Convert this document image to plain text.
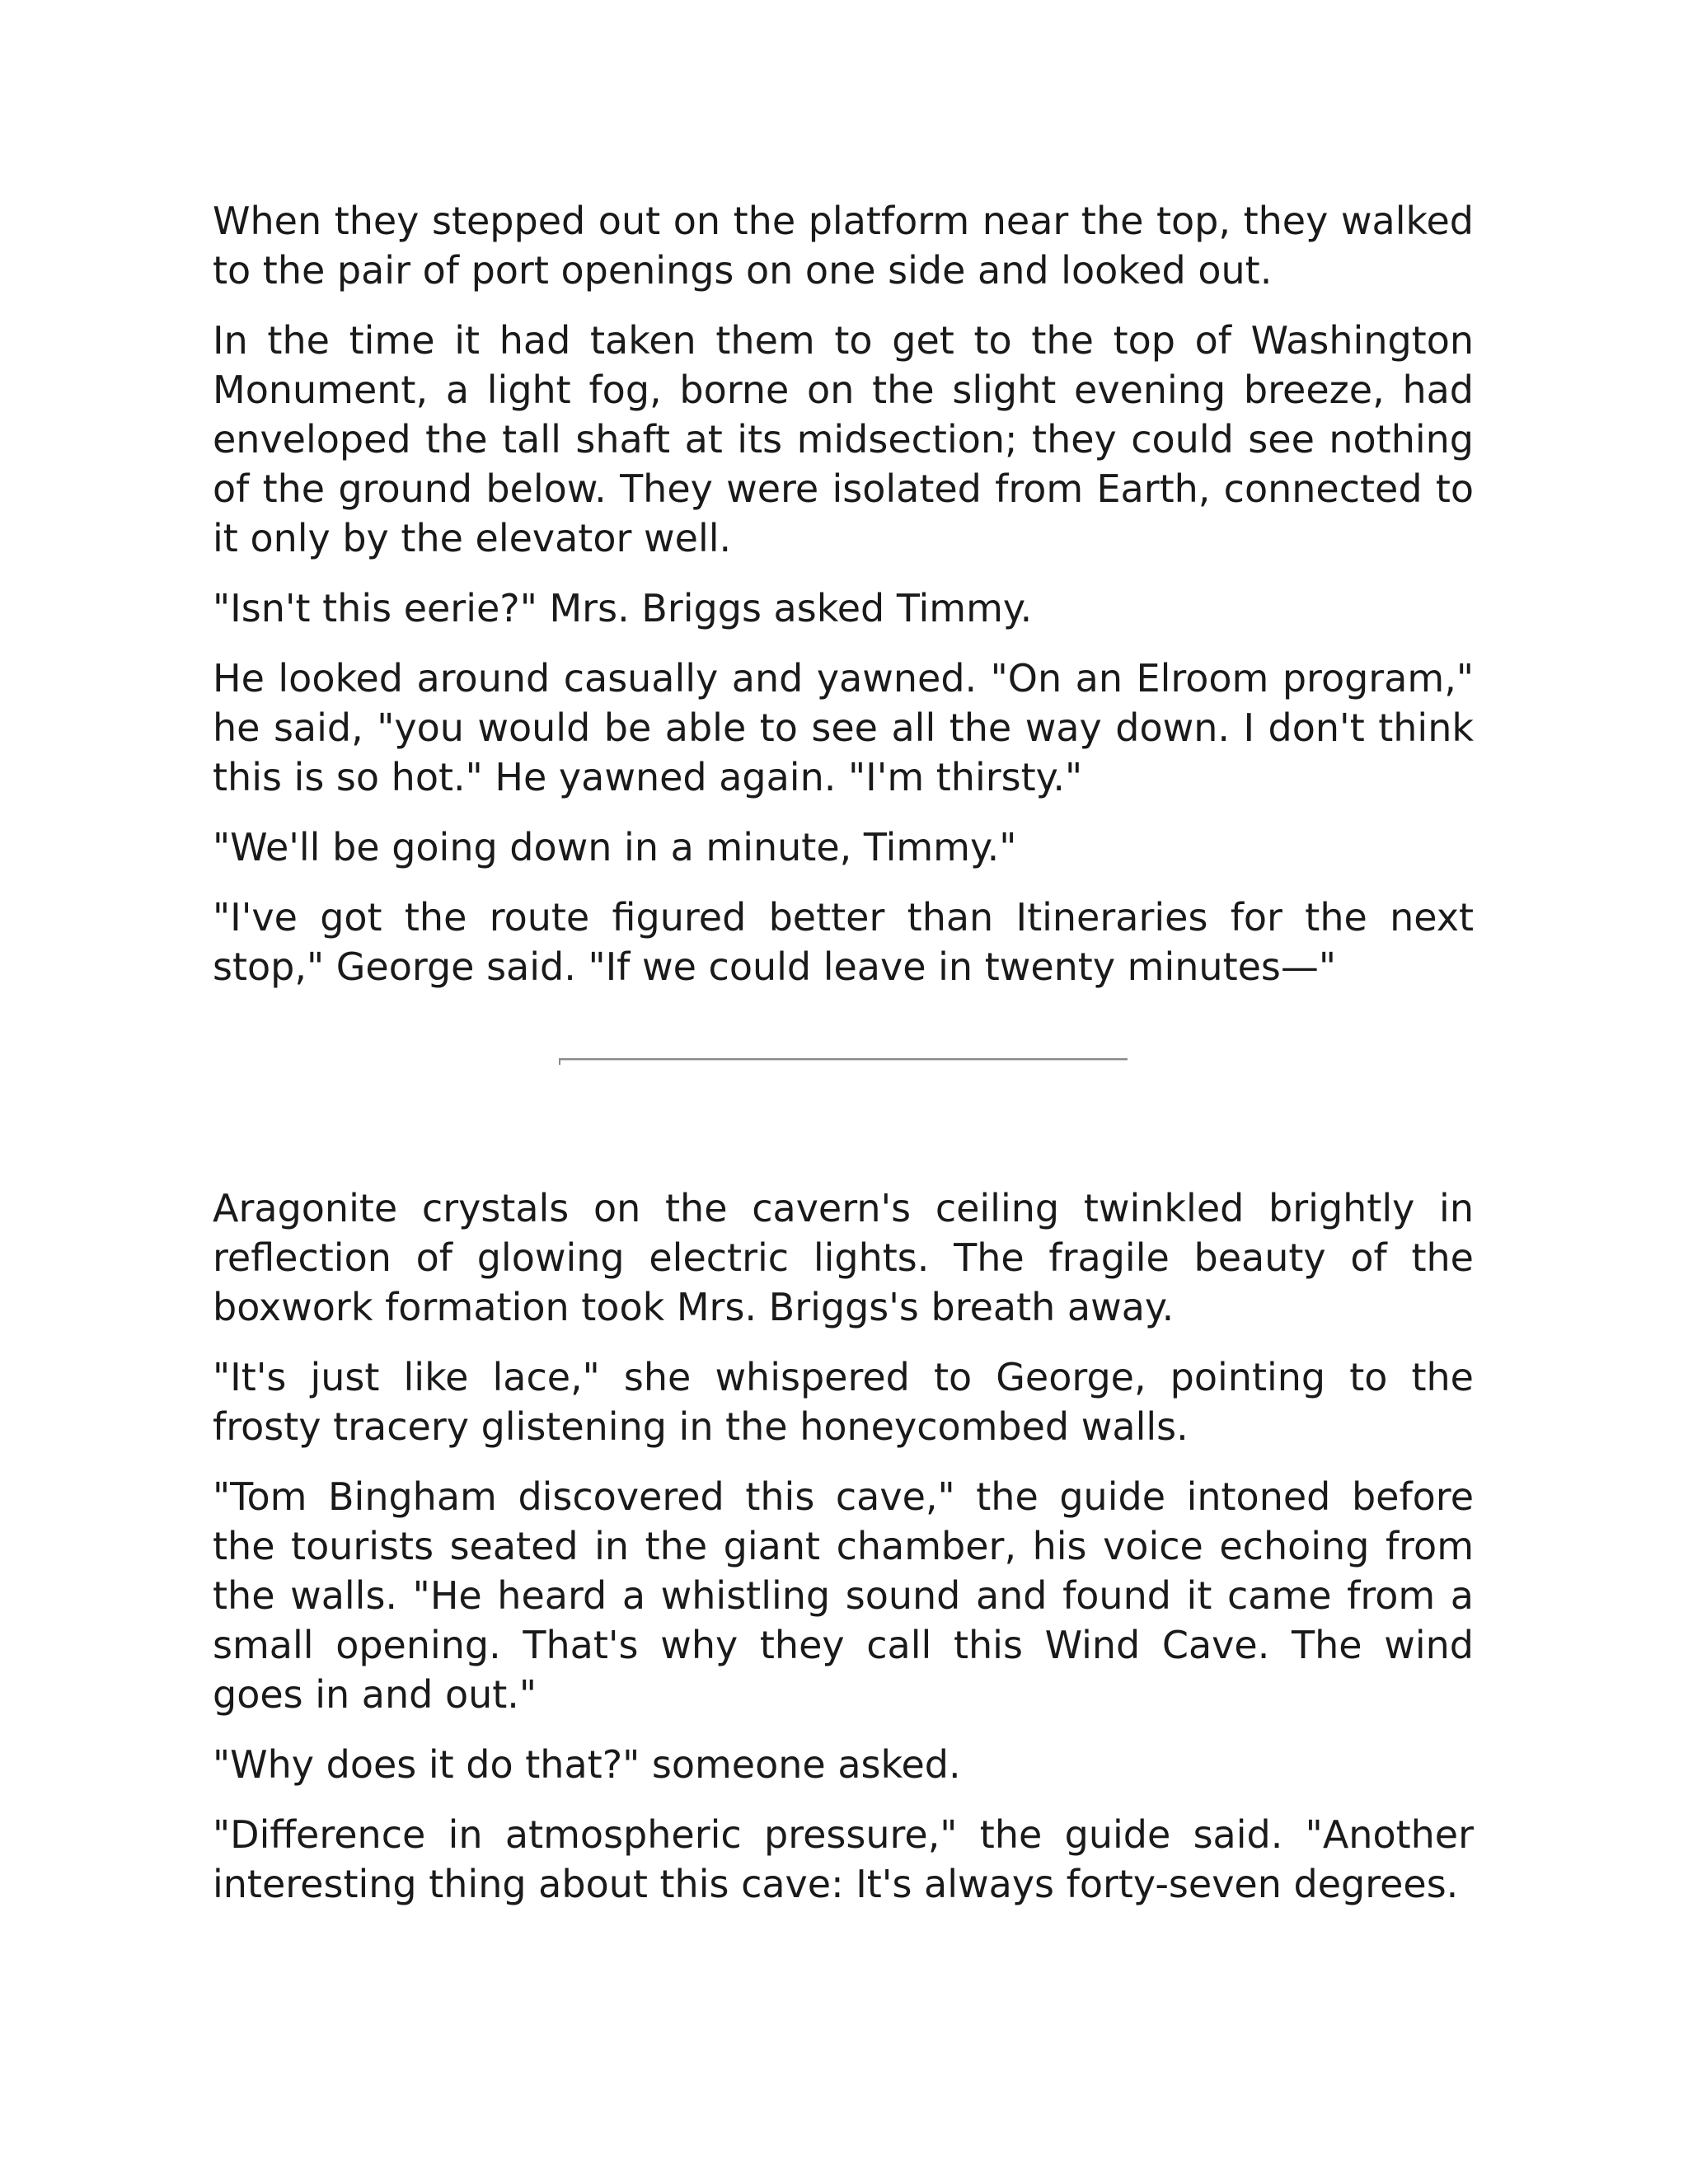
When they stepped out on the platform near the top, they walked to the pair of port openings on one side and looked out.

In the time it had taken them to get to the top of Washington Monument, a light fog, borne on the slight evening breeze, had enveloped the tall shaft at its midsection; they could see nothing of the ground below. They were isolated from Earth, connected to it only by the elevator well.

"Isn't this eerie?" Mrs. Briggs asked Timmy.

He looked around casually and yawned. "On an Elroom program," he said, "you would be able to see all the way down. I don't think this is so hot." He yawned again. "I'm thirsty."

"We'll be going down in a minute, Timmy."

"I've got the route figured better than Itineraries for the next stop," George said. "If we could leave in twenty minutes—"

Aragonite crystals on the cavern's ceiling twinkled brightly in reflection of glowing electric lights. The fragile beauty of the boxwork formation took Mrs. Briggs's breath away.

"It's just like lace," she whispered to George, pointing to the frosty tracery glistening in the honeycombed walls.

"Tom Bingham discovered this cave," the guide intoned before the tourists seated in the giant chamber, his voice echoing from the walls. "He heard a whistling sound and found it came from a small opening. That's why they call this Wind Cave. The wind goes in and out."

"Why does it do that?" someone asked.

"Difference in atmospheric pressure," the guide said. "Another interesting thing about this cave: It's always forty-seven degrees.
